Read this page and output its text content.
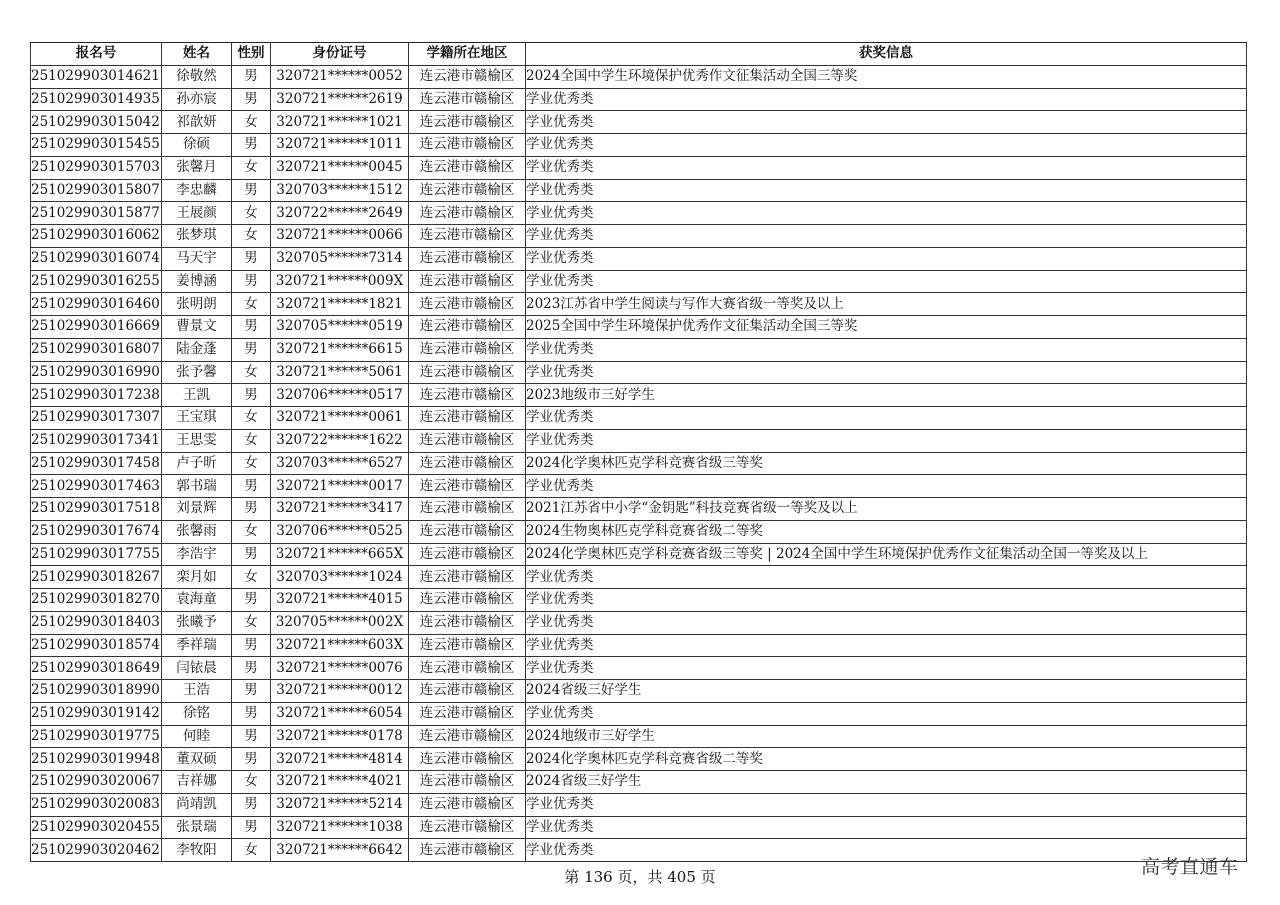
报名号	姓名	性别	身份证号	学籍所在地区	获奖信息
251029903014621	徐敬然	男	320721******0052	连云港市赣榆区	2024全国中学生环境保护优秀作文征集活动全国三等奖
251029903014935	孙亦宸	男	320721******2619	连云港市赣榆区	学业优秀类
251029903015042	祁歆妍	女	320721******1021	连云港市赣榆区	学业优秀类
251029903015455	徐硕	男	320721******1011	连云港市赣榆区	学业优秀类
251029903015703	张馨月	女	320721******0045	连云港市赣榆区	学业优秀类
251029903015807	李忠麟	男	320703******1512	连云港市赣榆区	学业优秀类
251029903015877	王展颜	女	320722******2649	连云港市赣榆区	学业优秀类
251029903016062	张梦琪	女	320721******0066	连云港市赣榆区	学业优秀类
251029903016074	马天宇	男	320705******7314	连云港市赣榆区	学业优秀类
251029903016255	姜博涵	男	320721******009X	连云港市赣榆区	学业优秀类
251029903016460	张明朗	女	320721******1821	连云港市赣榆区	2023江苏省中学生阅读与写作大赛省级一等奖及以上
251029903016669	曹景文	男	320705******0519	连云港市赣榆区	2025全国中学生环境保护优秀作文征集活动全国三等奖
251029903016807	陆金蓬	男	320721******6615	连云港市赣榆区	学业优秀类
251029903016990	张予馨	女	320721******5061	连云港市赣榆区	学业优秀类
251029903017238	王凯	男	320706******0517	连云港市赣榆区	2023地级市三好学生
251029903017307	王宝琪	女	320721******0061	连云港市赣榆区	学业优秀类
251029903017341	王思雯	女	320722******1622	连云港市赣榆区	学业优秀类
251029903017458	卢子昕	女	320703******6527	连云港市赣榆区	2024化学奥林匹克学科竞赛省级三等奖
251029903017463	郭书瑞	男	320721******0017	连云港市赣榆区	学业优秀类
251029903017518	刘景辉	男	320721******3417	连云港市赣榆区	2021江苏省中小学“金钥匙”科技竞赛省级一等奖及以上
251029903017674	张馨雨	女	320706******0525	连云港市赣榆区	2024生物奥林匹克学科竞赛省级二等奖
251029903017755	李浩宇	男	320721******665X	连云港市赣榆区	2024化学奥林匹克学科竞赛省级三等奖 | 2024全国中学生环境保护优秀作文征集活动全国一等奖及以上
251029903018267	栾月如	女	320703******1024	连云港市赣榆区	学业优秀类
251029903018270	袁海童	男	320721******4015	连云港市赣榆区	学业优秀类
251029903018403	张曦予	女	320705******002X	连云港市赣榆区	学业优秀类
251029903018574	季祥瑞	男	320721******603X	连云港市赣榆区	学业优秀类
251029903018649	闫铱晨	男	320721******0076	连云港市赣榆区	学业优秀类
251029903018990	王浩	男	320721******0012	连云港市赣榆区	2024省级三好学生
251029903019142	徐铭	男	320721******6054	连云港市赣榆区	学业优秀类
251029903019775	何睦	男	320721******0178	连云港市赣榆区	2024地级市三好学生
251029903019948	董双硕	男	320721******4814	连云港市赣榆区	2024化学奥林匹克学科竞赛省级二等奖
251029903020067	吉祥娜	女	320721******4021	连云港市赣榆区	2024省级三好学生
251029903020083	尚靖凯	男	320721******5214	连云港市赣榆区	学业优秀类
251029903020455	张景瑞	男	320721******1038	连云港市赣榆区	学业优秀类
251029903020462	李牧阳	女	320721******6642	连云港市赣榆区	学业优秀类
第 136 页，共 405 页	高考直通车
